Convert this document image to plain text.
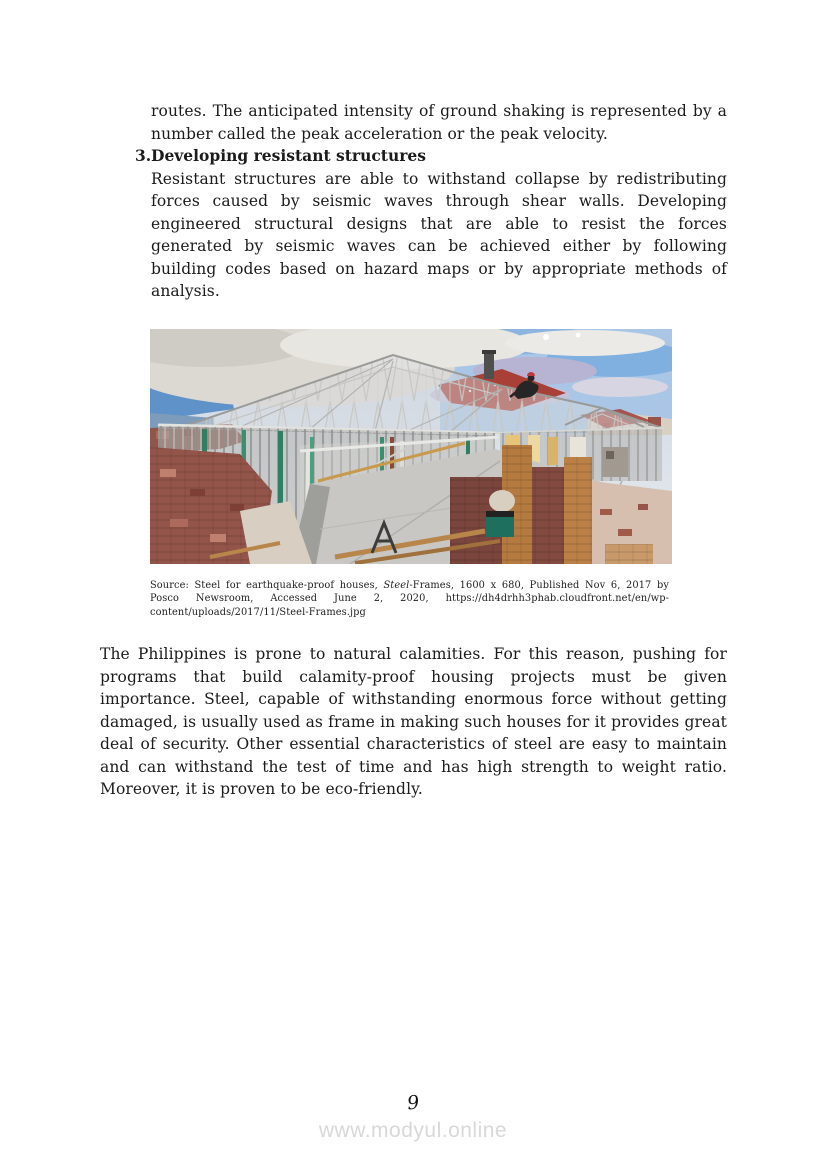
routes. The anticipated intensity of ground shaking is represented by a number called the peak acceleration or the peak velocity.

3. Developing resistant structures

Resistant structures are able to withstand collapse by redistributing forces caused by seismic waves through shear walls. Developing engineered structural designs that are able to resist the forces generated by seismic waves can be achieved either by following building codes based on hazard maps or by appropriate methods of analysis.

Source: Steel for earthquake-proof houses, Steel-Frames, 1600 x 680, Published Nov 6, 2017 by Posco Newsroom, Accessed June 2, 2020, https://dh4drhh3phab.cloudfront.net/en/wp-content/uploads/2017/11/Steel-Frames.jpg

The Philippines is prone to natural calamities. For this reason, pushing for programs that build calamity-proof housing projects must be given importance. Steel, capable of withstanding enormous force without getting damaged, is usually used as frame in making such houses for it provides great deal of security. Other essential characteristics of steel are easy to maintain and can withstand the test of time and has high strength to weight ratio. Moreover, it is proven to be eco-friendly.

9
www.modyul.online
